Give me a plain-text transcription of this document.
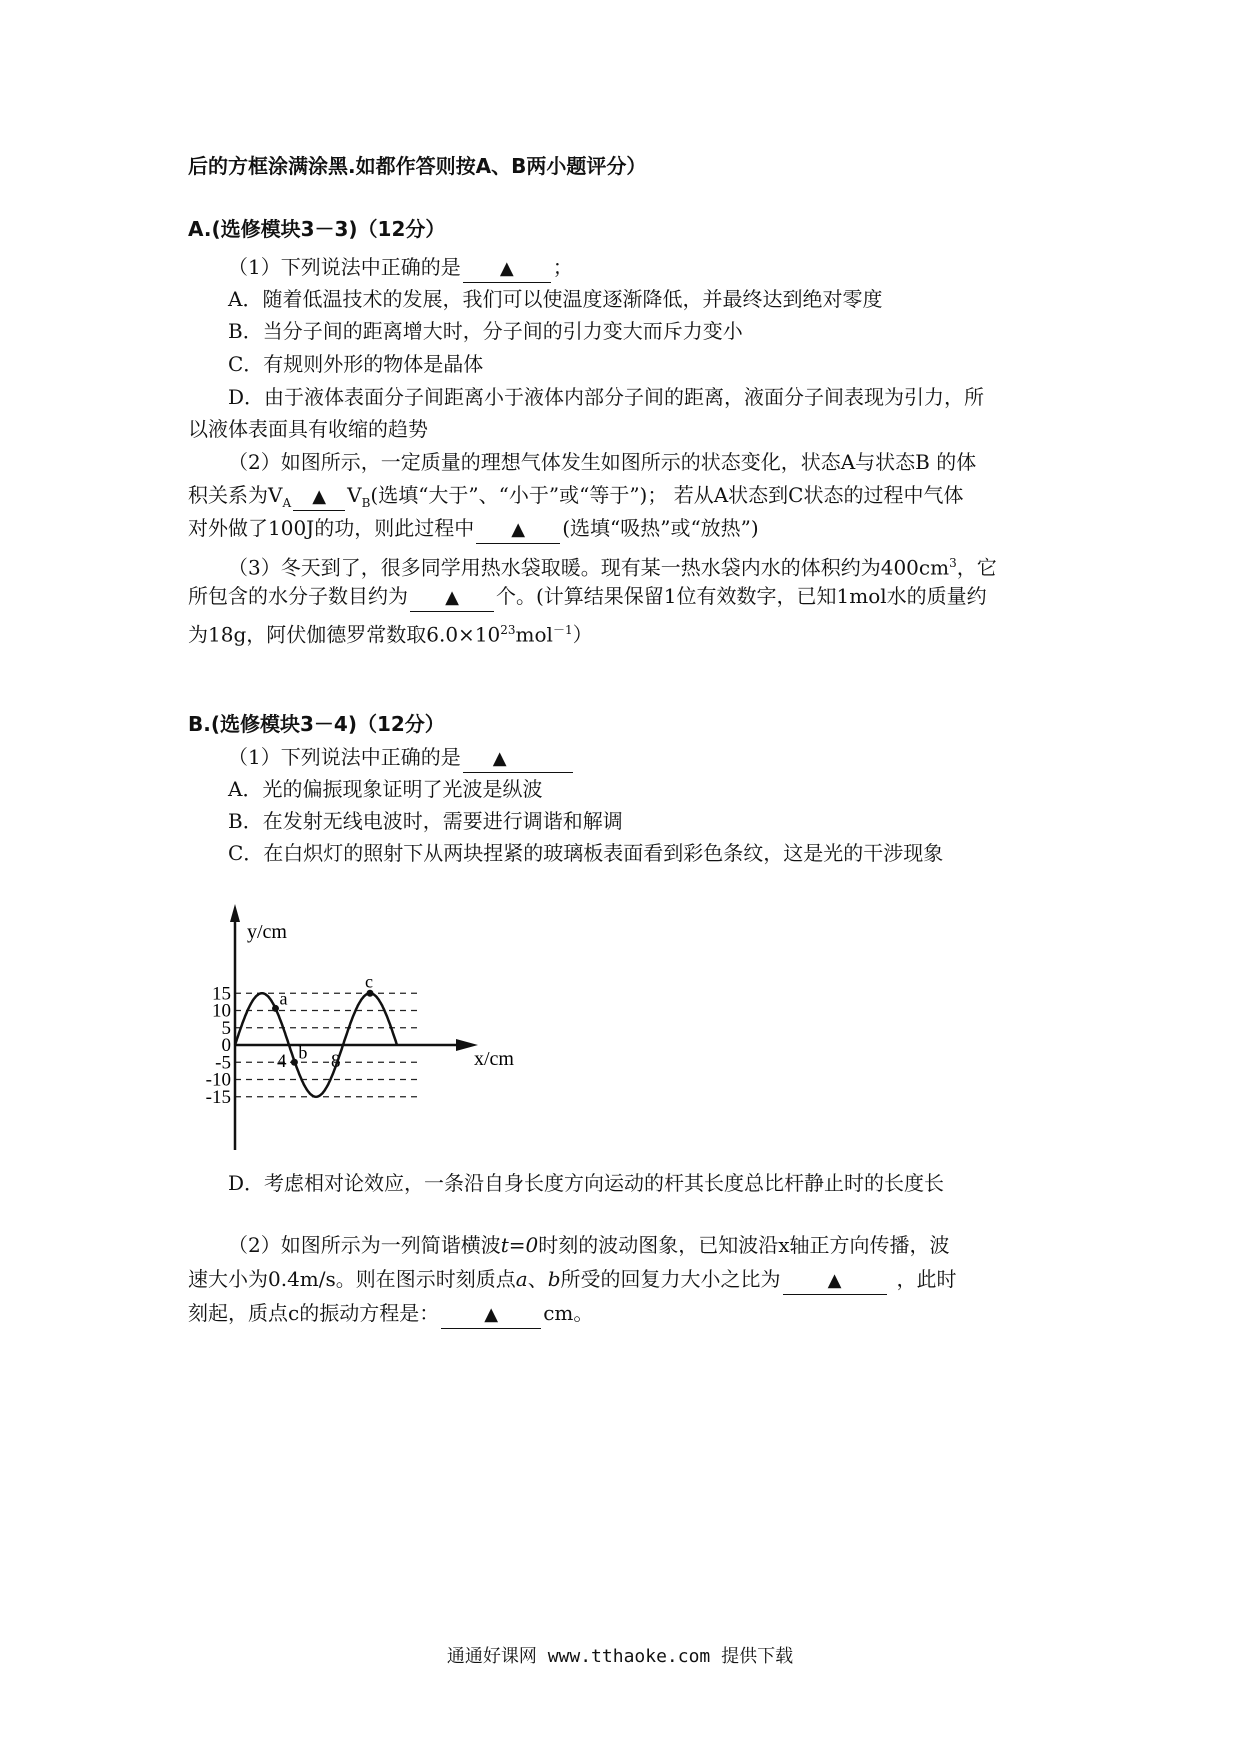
后的方框涂满涂黑.如都作答则按A、B两小题评分）
A.(选修模块3－3)（12分）
（1）下列说法中正确的是 ▲ ；
A．随着低温技术的发展，我们可以使温度逐渐降低，并最终达到绝对零度
B．当分子间的距离增大时，分子间的引力变大而斥力变小
C．有规则外形的物体是晶体
D．由于液体表面分子间距离小于液体内部分子间的距离，液面分子间表现为引力，所
以液体表面具有收缩的趋势
（2）如图所示，一定质量的理想气体发生如图所示的状态变化，状态A与状态B 的体
积关系为$V_A$ ▲ $V_B$(选填“大于”、“小于”或“等于”)； 若从A状态到C状态的过程中气体
对外做了100J的功，则此过程中 ▲ (选填“吸热”或“放热”)
（3）冬天到了，很多同学用热水袋取暖。现有某一热水袋内水的体积约为$400cm^3$，它
所包含的水分子数目约为 ▲ 个。(计算结果保留1位有效数字，已知1mol水的质量约
为18g，阿伏伽德罗常数取$6.0\times 10^{23}mol^{-1}$）
B.(选修模块3－4)（12分）
（1）下列说法中正确的是 ▲
A．光的偏振现象证明了光波是纵波
B．在发射无线电波时，需要进行调谐和解调
C．在白炽灯的照射下从两块捏紧的玻璃板表面看到彩色条纹，这是光的干涉现象
y/cm
x/cm
15
10
5
0
-5
-10
-15
4 8
a
b
c
D．考虑相对论效应，一条沿自身长度方向运动的杆其长度总比杆静止时的长度长
（2）如图所示为一列简谐横波t=0时刻的波动图象，已知波沿x轴正方向传播，波
速大小为0.4m/s。则在图示时刻质点a、b所受的回复力大小之比为	▲	，此时
刻起，质点c的振动方程是：	▲ cm。
通通好课网 www.tthaoke.com 提供下载
